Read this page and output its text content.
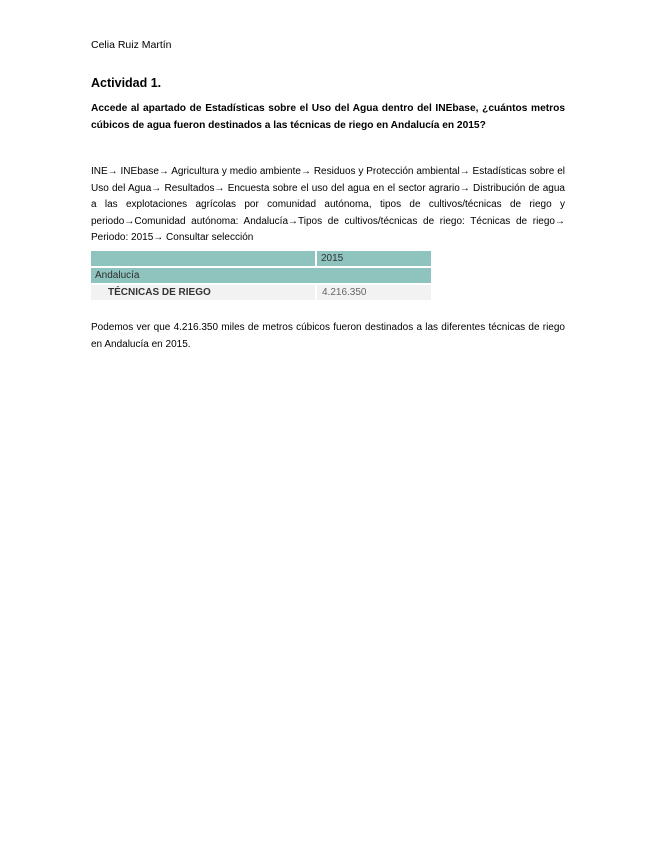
Celia Ruiz Martín
Actividad 1.
Accede al apartado de Estadísticas sobre el Uso del Agua dentro del INEbase, ¿cuántos metros cúbicos de agua fueron destinados a las técnicas de riego en Andalucía en 2015?
INE→ INEbase→ Agricultura y medio ambiente→ Residuos y Protección ambiental→ Estadísticas sobre el Uso del Agua→ Resultados→ Encuesta sobre el uso del agua en el sector agrario→ Distribución de agua a las explotaciones agrícolas por comunidad autónoma, tipos de cultivos/técnicas de riego y periodo→Comunidad autónoma: Andalucía→Tipos de cultivos/técnicas de riego: Técnicas de riego→ Periodo: 2015→ Consultar selección
	2015
Andalucía	
TÉCNICAS DE RIEGO	4.216.350
Podemos ver que 4.216.350 miles de metros cúbicos fueron destinados a las diferentes técnicas de riego en Andalucía en 2015.
